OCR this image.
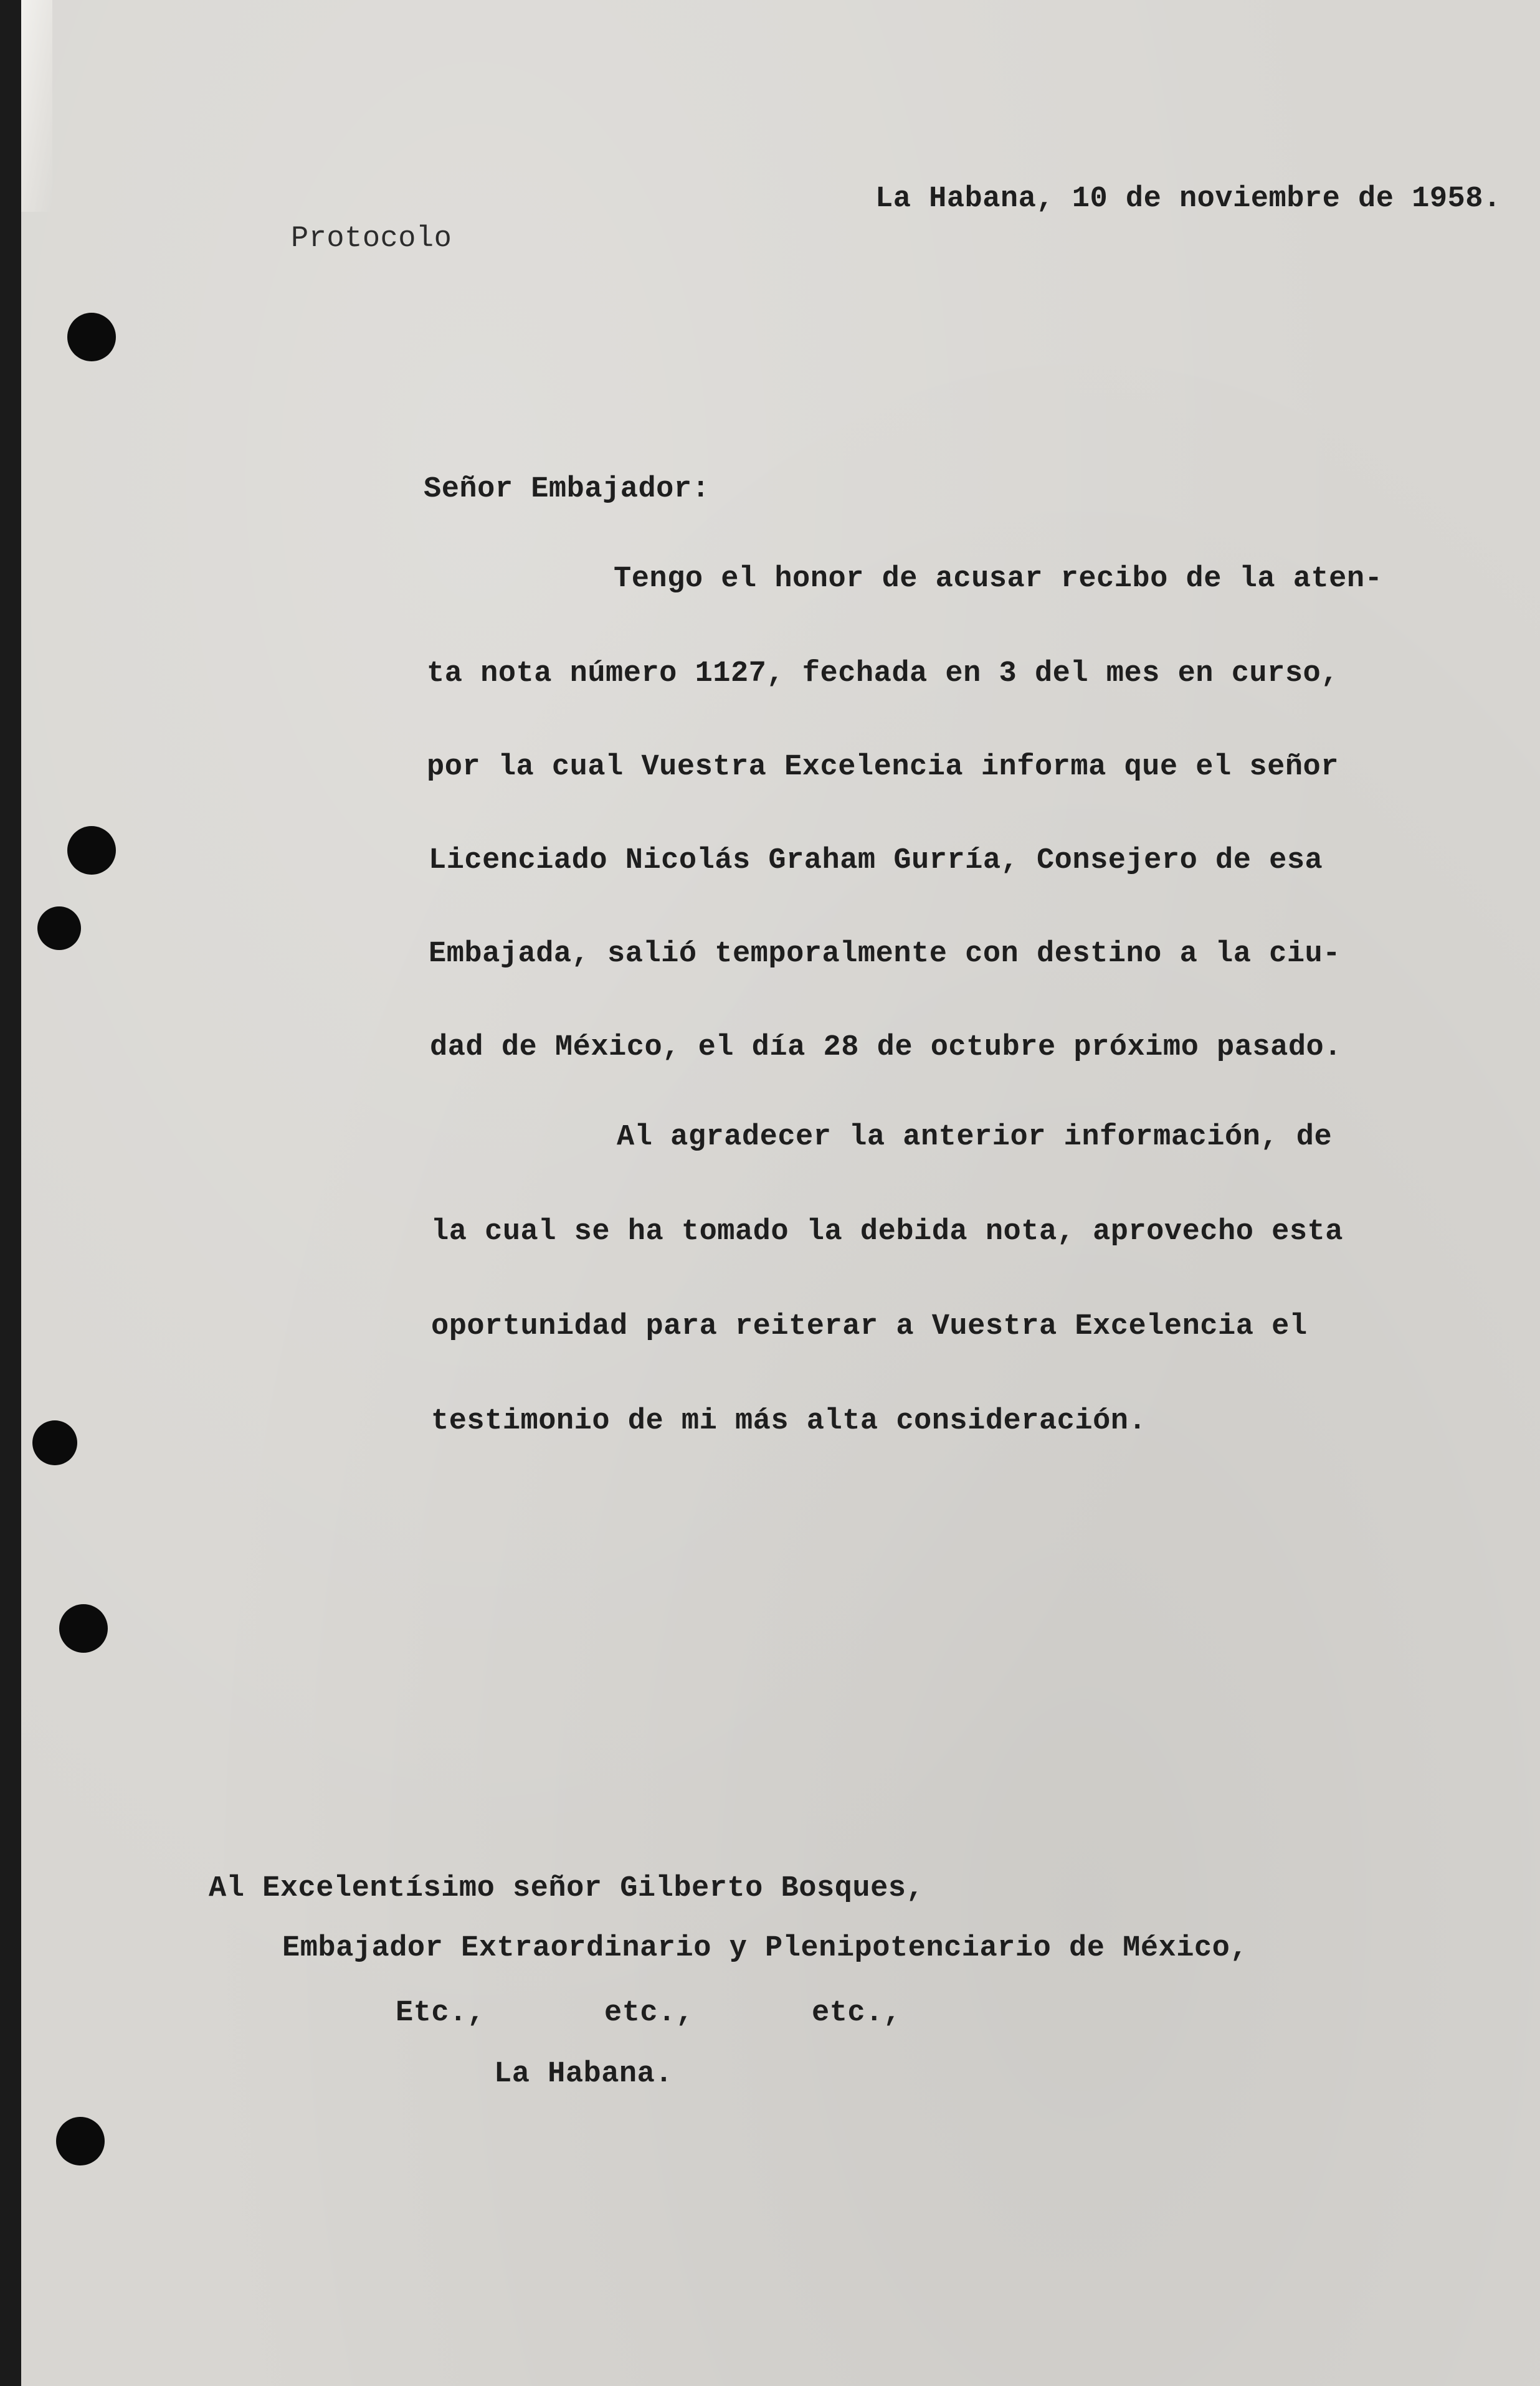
Protocolo
La Habana, 10 de noviembre de 1958.
Señor Embajador:
Tengo el honor de acusar recibo de la aten-
ta nota número 1127, fechada en 3 del mes en curso,
por la cual Vuestra Excelencia informa que el señor
Licenciado Nicolás Graham Gurría, Consejero de esa
Embajada, salió temporalmente con destino a la ciu-
dad de México, el día 28 de octubre próximo pasado.
Al agradecer la anterior información, de
la cual se ha tomado la debida nota, aprovecho esta
oportunidad para reiterar a Vuestra Excelencia el
testimonio de mi más alta consideración.
Al Excelentísimo señor Gilberto Bosques,
Embajador Extraordinario y Plenipotenciario de México,
Etc.,	etc.,	etc.,
La Habana.
